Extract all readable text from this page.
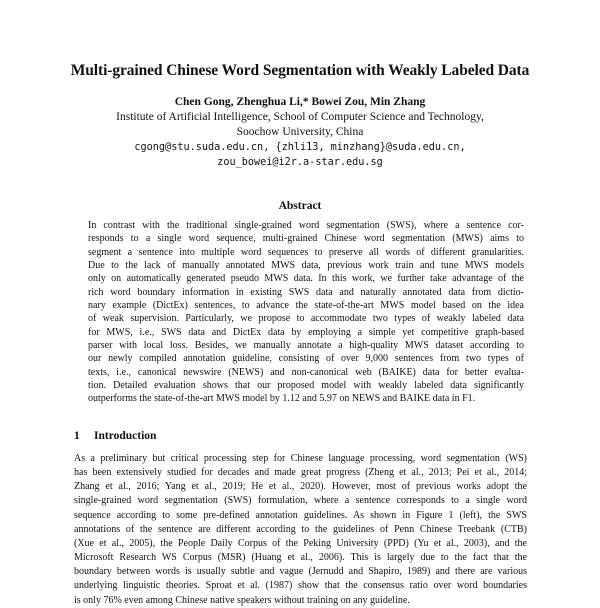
Multi-grained Chinese Word Segmentation with Weakly Labeled Data
Chen Gong, Zhenghua Li,* Bowei Zou, Min Zhang
Institute of Artificial Intelligence, School of Computer Science and Technology,
Soochow University, China
cgong@stu.suda.edu.cn, {zhli13, minzhang}@suda.edu.cn,
zou_bowei@i2r.a-star.edu.sg
Abstract
In contrast with the traditional single-grained word segmentation (SWS), where a sentence cor-
responds to a single word sequence, multi-grained Chinese word segmentation (MWS) aims to
segment a sentence into multiple word sequences to preserve all words of different granularities.
Due to the lack of manually annotated MWS data, previous work train and tune MWS models
only on automatically generated pseudo MWS data. In this work, we further take advantage of the
rich word boundary information in existing SWS data and naturally annotated data from dictio-
nary example (DictEx) sentences, to advance the state-of-the-art MWS model based on the idea
of weak supervision. Particularly, we propose to accommodate two types of weakly labeled data
for MWS, i.e., SWS data and DictEx data by employing a simple yet competitive graph-based
parser with local loss. Besides, we manually annotate a high-quality MWS dataset according to
our newly compiled annotation guideline, consisting of over 9,000 sentences from two types of
texts, i.e., canonical newswire (NEWS) and non-canonical web (BAIKE) data for better evalua-
tion. Detailed evaluation shows that our proposed model with weakly labeled data significantly
outperforms the state-of-the-art MWS model by 1.12 and 5.97 on NEWS and BAIKE data in F1.
1 Introduction
As a preliminary but critical processing step for Chinese language processing, word segmentation (WS)
has been extensively studied for decades and made great progress (Zheng et al., 2013; Pei et al., 2014;
Zhang et al., 2016; Yang et al., 2019; He et al., 2020). However, most of previous works adopt the
single-grained word segmentation (SWS) formulation, where a sentence corresponds to a single word
sequence according to some pre-defined annotation guidelines. As shown in Figure 1 (left), the SWS
annotations of the sentence are different according to the guidelines of Penn Chinese Treebank (CTB)
(Xue et al., 2005), the People Daily Corpus of the Peking University (PPD) (Yu et al., 2003), and the
Microsoft Research WS Corpus (MSR) (Huang et al., 2006). This is largely due to the fact that the
boundary between words is usually subtle and vague (Jernudd and Shapiro, 1989) and there are various
underlying linguistic theories. Sproat et al. (1987) show that the consensus ratio over word boundaries
is only 76% even among Chinese native speakers without training on any guideline.
